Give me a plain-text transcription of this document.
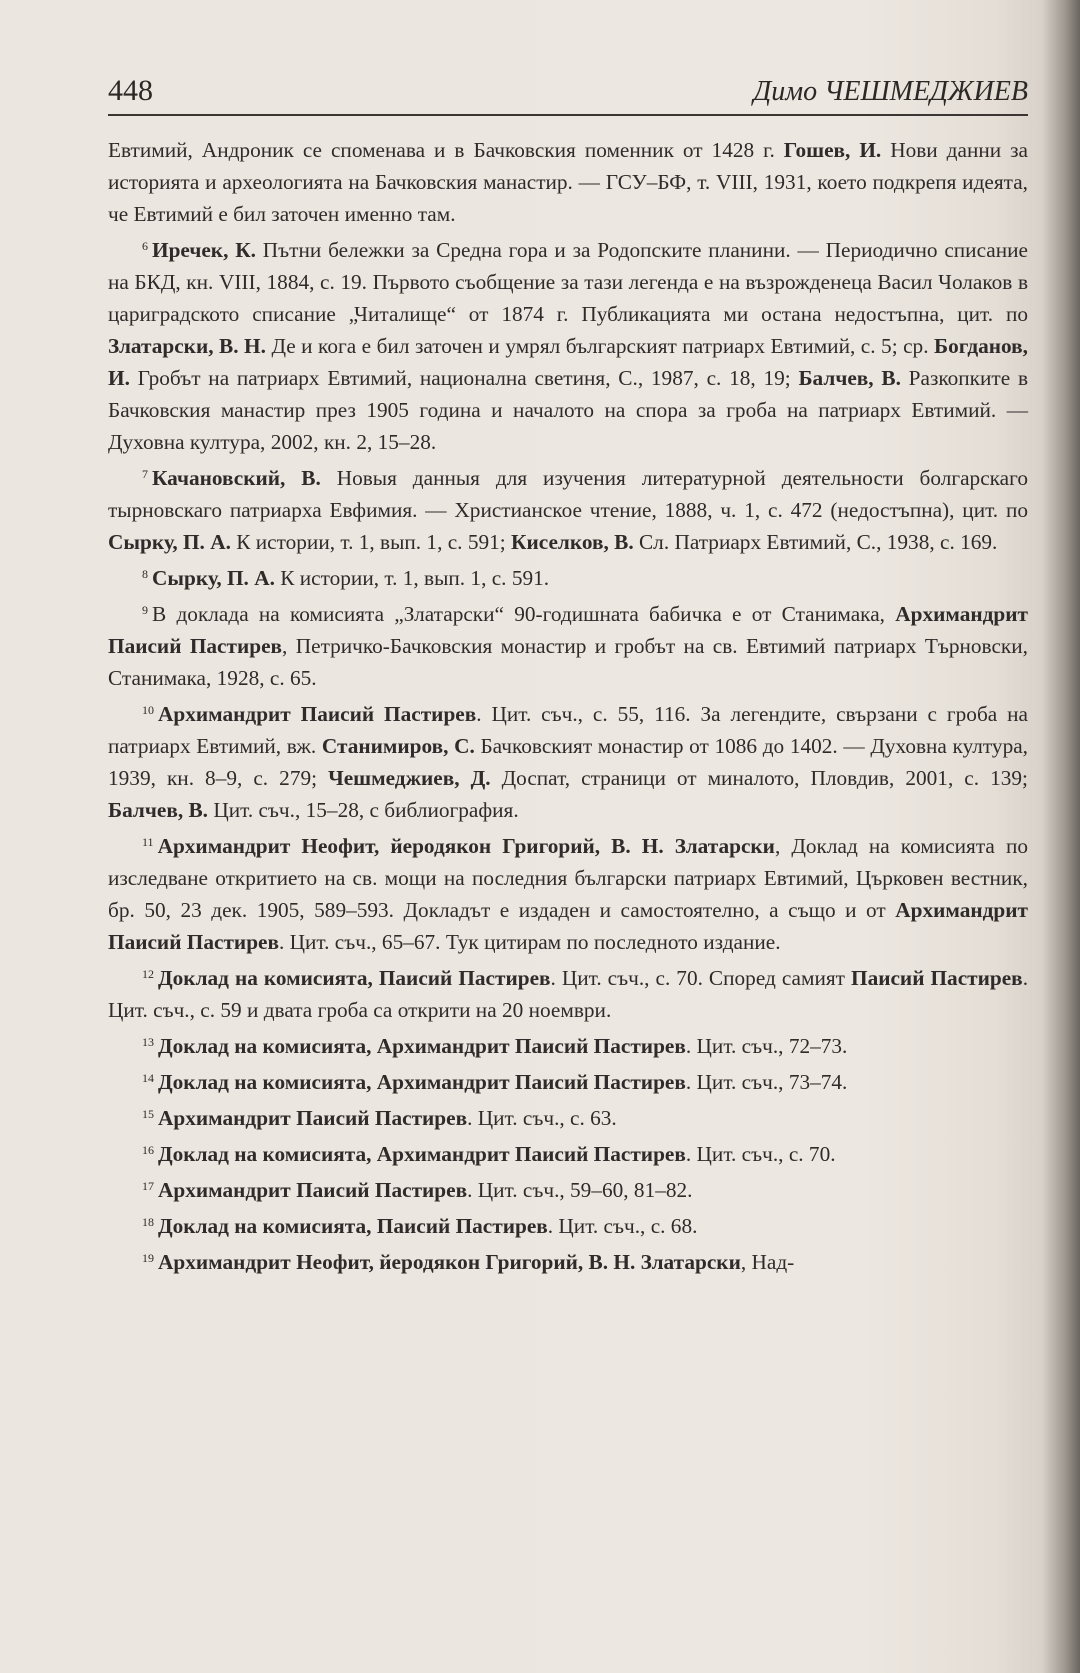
448	Димо ЧЕШМЕДЖИЕВ

Евтимий, Андроник се споменава и в Бачковския поменник от 1428 г. Гошев, И. Нови данни за историята и археологията на Бачковския манастир. — ГСУ–БФ, т. VIII, 1931, което подкрепя идеята, че Евтимий е бил заточен именно там.

$^6$ Иречек, К. Пътни бележки за Средна гора и за Родопските планини. — Периодично списание на БКД, кн. VIII, 1884, с. 19. Първото съобщение за тази легенда е на възрожденеца Васил Чолаков в цариградското списание „Читалище“ от 1874 г. Публикацията ми остана недостъпна, цит. по Златарски, В. Н. Де и кога е бил заточен и умрял българският патриарх Евтимий, с. 5; ср. Богданов, И. Гробът на патриарх Евтимий, национална светиня, С., 1987, с. 18, 19; Балчев, В. Разкопките в Бачковския манастир през 1905 година и началото на спора за гроба на патриарх Евтимий. — Духовна култура, 2002, кн. 2, 15–28.

$^7$ Качановский, В. Новыя данныя для изучения литературной деятельности болгарскаго тырновскаго патриарха Евфимия. — Христианское чтение, 1888, ч. 1, с. 472 (недостъпна), цит. по Сырку, П. А. К истории, т. 1, вып. 1, с. 591; Киселков, В. Сл. Патриарх Евтимий, С., 1938, с. 169.

$^8$ Сырку, П. А. К истории, т. 1, вып. 1, с. 591.

$^9$ В доклада на комисията „Златарски“ 90-годишната бабичка е от Станимака, Архимандрит Паисий Пастирев, Петричко-Бачковския монастир и гробът на св. Евтимий патриарх Търновски, Станимака, 1928, с. 65.

$^{10}$ Архимандрит Паисий Пастирев. Цит. съч., с. 55, 116. За легендите, свързани с гроба на патриарх Евтимий, вж. Станимиров, С. Бачковският монастир от 1086 до 1402. — Духовна култура, 1939, кн. 8–9, с. 279; Чешмеджиев, Д. Доспат, страници от миналото, Пловдив, 2001, с. 139; Балчев, В. Цит. съч., 15–28, с библиография.

$^{11}$ Архимандрит Неофит, йеродякон Григорий, В. Н. Златарски, Доклад на комисията по изследване откритието на св. мощи на последния български патриарх Евтимий, Църковен вестник, бр. 50, 23 дек. 1905, 589–593. Докладът е издаден и самостоятелно, а също и от Архимандрит Паисий Пастирев. Цит. съч., 65–67. Тук цитирам по последното издание.

$^{12}$ Доклад на комисията, Паисий Пастирев. Цит. съч., с. 70. Според самият Паисий Пастирев. Цит. съч., с. 59 и двата гроба са открити на 20 ноември.

$^{13}$ Доклад на комисията, Архимандрит Паисий Пастирев. Цит. съч., 72–73.

$^{14}$ Доклад на комисията, Архимандрит Паисий Пастирев. Цит. съч., 73–74.

$^{15}$ Архимандрит Паисий Пастирев. Цит. съч., с. 63.

$^{16}$ Доклад на комисията, Архимандрит Паисий Пастирев. Цит. съч., с. 70.

$^{17}$ Архимандрит Паисий Пастирев. Цит. съч., 59–60, 81–82.

$^{18}$ Доклад на комисията, Паисий Пастирев. Цит. съч., с. 68.

$^{19}$ Архимандрит Неофит, йеродякон Григорий, В. Н. Златарски, Над-
